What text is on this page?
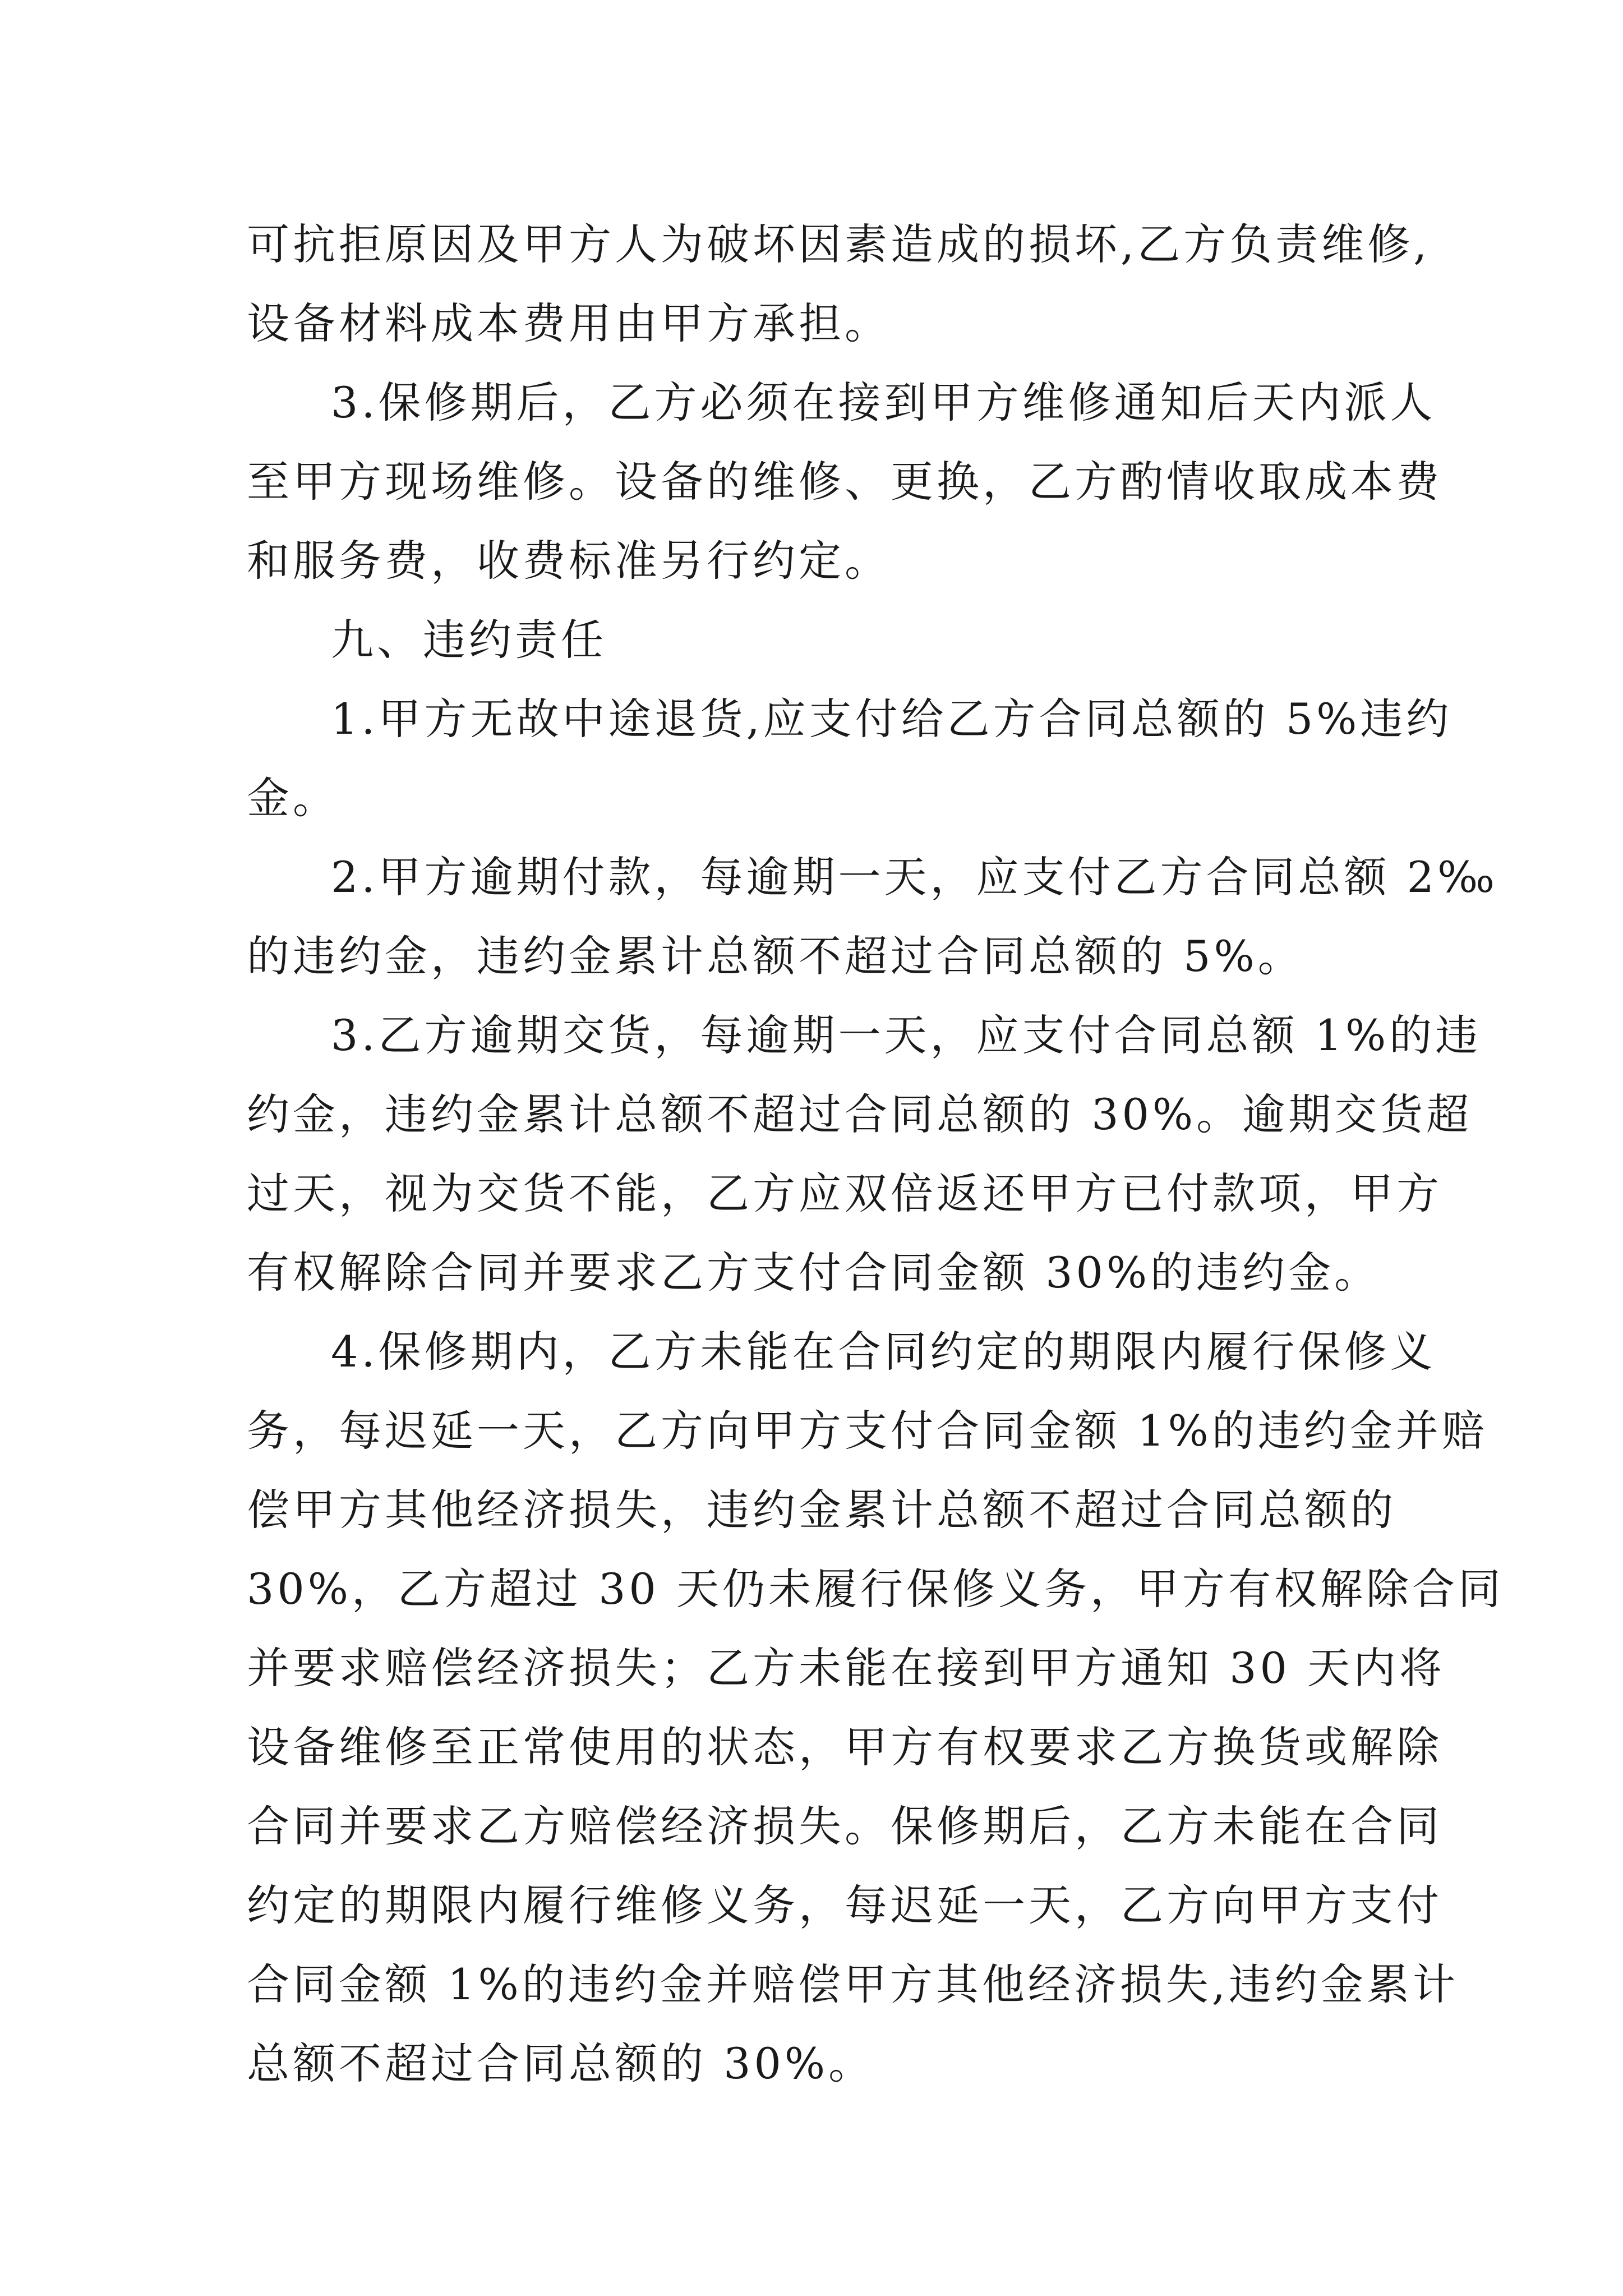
可抗拒原因及甲方人为破坏因素造成的损坏,乙方负责维修,
设备材料成本费用由甲方承担。
3.保修期后，乙方必须在接到甲方维修通知后天内派人
至甲方现场维修。设备的维修、更换，乙方酌情收取成本费
和服务费，收费标准另行约定。
九、违约责任
1.甲方无故中途退货,应支付给乙方合同总额的 5%违约
金。
2.甲方逾期付款，每逾期一天，应支付乙方合同总额 2‰
的违约金，违约金累计总额不超过合同总额的 5%。
3.乙方逾期交货，每逾期一天，应支付合同总额 1%的违
约金，违约金累计总额不超过合同总额的 30%。逾期交货超
过天，视为交货不能，乙方应双倍返还甲方已付款项，甲方
有权解除合同并要求乙方支付合同金额 30%的违约金。
4.保修期内，乙方未能在合同约定的期限内履行保修义
务，每迟延一天，乙方向甲方支付合同金额 1%的违约金并赔
偿甲方其他经济损失，违约金累计总额不超过合同总额的
30%，乙方超过 30 天仍未履行保修义务，甲方有权解除合同
并要求赔偿经济损失；乙方未能在接到甲方通知 30 天内将
设备维修至正常使用的状态，甲方有权要求乙方换货或解除
合同并要求乙方赔偿经济损失。保修期后，乙方未能在合同
约定的期限内履行维修义务，每迟延一天，乙方向甲方支付
合同金额 1%的违约金并赔偿甲方其他经济损失,违约金累计
总额不超过合同总额的 30%。
